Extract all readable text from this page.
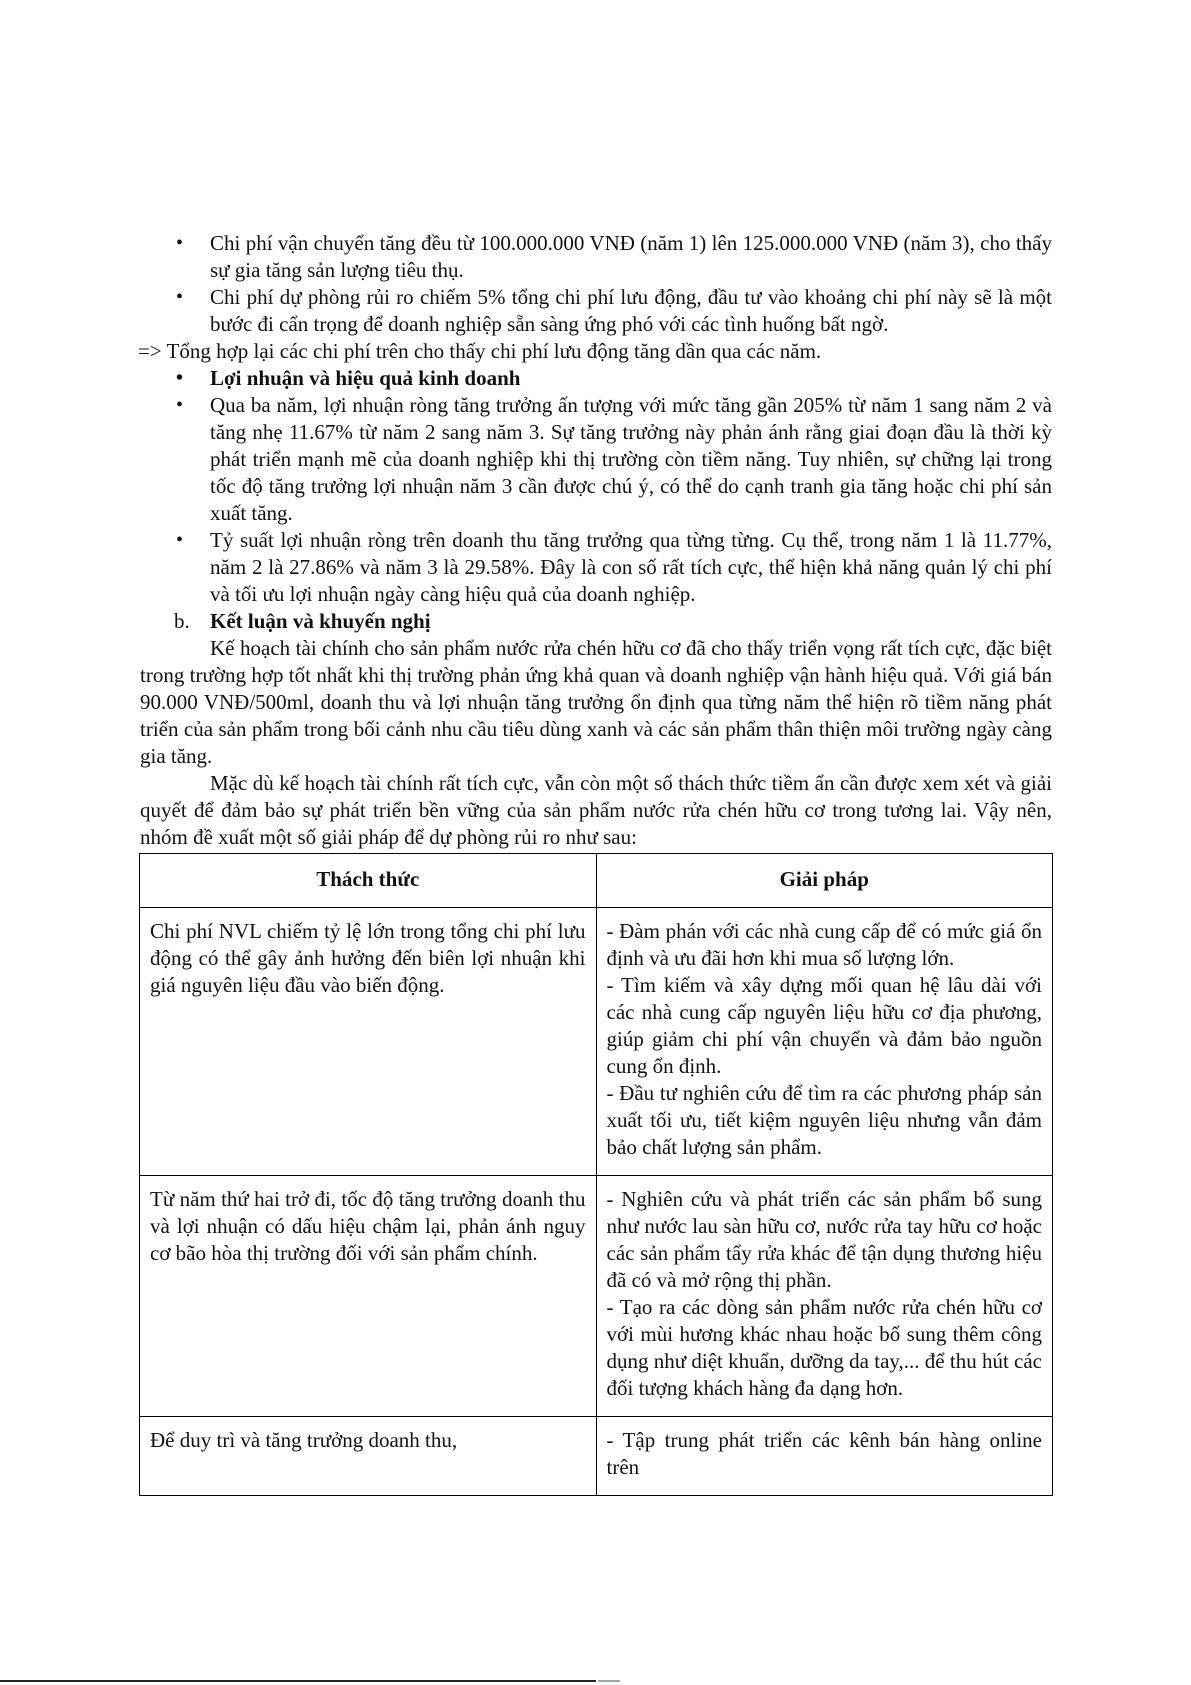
• Chi phí vận chuyển tăng đều từ 100.000.000 VNĐ (năm 1) lên 125.000.000 VNĐ (năm 3), cho thấy sự gia tăng sản lượng tiêu thụ.
• Chi phí dự phòng rủi ro chiếm 5% tổng chi phí lưu động, đầu tư vào khoảng chi phí này sẽ là một bước đi cẩn trọng để doanh nghiệp sẵn sàng ứng phó với các tình huống bất ngờ.

=> Tổng hợp lại các chi phí trên cho thấy chi phí lưu động tăng dần qua các năm.

• Lợi nhuận và hiệu quả kinh doanh
• Qua ba năm, lợi nhuận ròng tăng trưởng ấn tượng với mức tăng gần 205% từ năm 1 sang năm 2 và tăng nhẹ 11.67% từ năm 2 sang năm 3. Sự tăng trưởng này phản ánh rằng giai đoạn đầu là thời kỳ phát triển mạnh mẽ của doanh nghiệp khi thị trường còn tiềm năng. Tuy nhiên, sự chững lại trong tốc độ tăng trưởng lợi nhuận năm 3 cần được chú ý, có thể do cạnh tranh gia tăng hoặc chi phí sản xuất tăng.
• Tỷ suất lợi nhuận ròng trên doanh thu tăng trưởng qua từng từng. Cụ thể, trong năm 1 là 11.77%, năm 2 là 27.86% và năm 3 là 29.58%. Đây là con số rất tích cực, thể hiện khả năng quản lý chi phí và tối ưu lợi nhuận ngày càng hiệu quả của doanh nghiệp.
b. Kết luận và khuyến nghị

Kế hoạch tài chính cho sản phẩm nước rửa chén hữu cơ đã cho thấy triển vọng rất tích cực, đặc biệt trong trường hợp tốt nhất khi thị trường phản ứng khả quan và doanh nghiệp vận hành hiệu quả. Với giá bán 90.000 VNĐ/500ml, doanh thu và lợi nhuận tăng trưởng ổn định qua từng năm thể hiện rõ tiềm năng phát triển của sản phẩm trong bối cảnh nhu cầu tiêu dùng xanh và các sản phẩm thân thiện môi trường ngày càng gia tăng.

Mặc dù kế hoạch tài chính rất tích cực, vẫn còn một số thách thức tiềm ẩn cần được xem xét và giải quyết để đảm bảo sự phát triển bền vững của sản phẩm nước rửa chén hữu cơ trong tương lai. Vậy nên, nhóm đề xuất một số giải pháp để dự phòng rủi ro như sau:

Thách thức	Giải pháp
Chi phí NVL chiếm tỷ lệ lớn trong tổng chi phí lưu động có thể gây ảnh hưởng đến biên lợi nhuận khi giá nguyên liệu đầu vào biến động.	- Đàm phán với các nhà cung cấp để có mức giá ổn định và ưu đãi hơn khi mua số lượng lớn.
- Tìm kiếm và xây dựng mối quan hệ lâu dài với các nhà cung cấp nguyên liệu hữu cơ địa phương, giúp giảm chi phí vận chuyển và đảm bảo nguồn cung ổn định.
- Đầu tư nghiên cứu để tìm ra các phương pháp sản xuất tối ưu, tiết kiệm nguyên liệu nhưng vẫn đảm bảo chất lượng sản phẩm.

Từ năm thứ hai trở đi, tốc độ tăng trưởng doanh thu và lợi nhuận có dấu hiệu chậm lại, phản ánh nguy cơ bão hòa thị trường đối với sản phẩm chính.	- Nghiên cứu và phát triển các sản phẩm bổ sung như nước lau sàn hữu cơ, nước rửa tay hữu cơ hoặc các sản phẩm tẩy rửa khác để tận dụng thương hiệu đã có và mở rộng thị phần.
- Tạo ra các dòng sản phẩm nước rửa chén hữu cơ với mùi hương khác nhau hoặc bổ sung thêm công dụng như diệt khuẩn, dưỡng da tay,... để thu hút các đối tượng khách hàng đa dạng hơn.

Để duy trì và tăng trưởng doanh thu,	- Tập trung phát triển các kênh bán hàng online trên
